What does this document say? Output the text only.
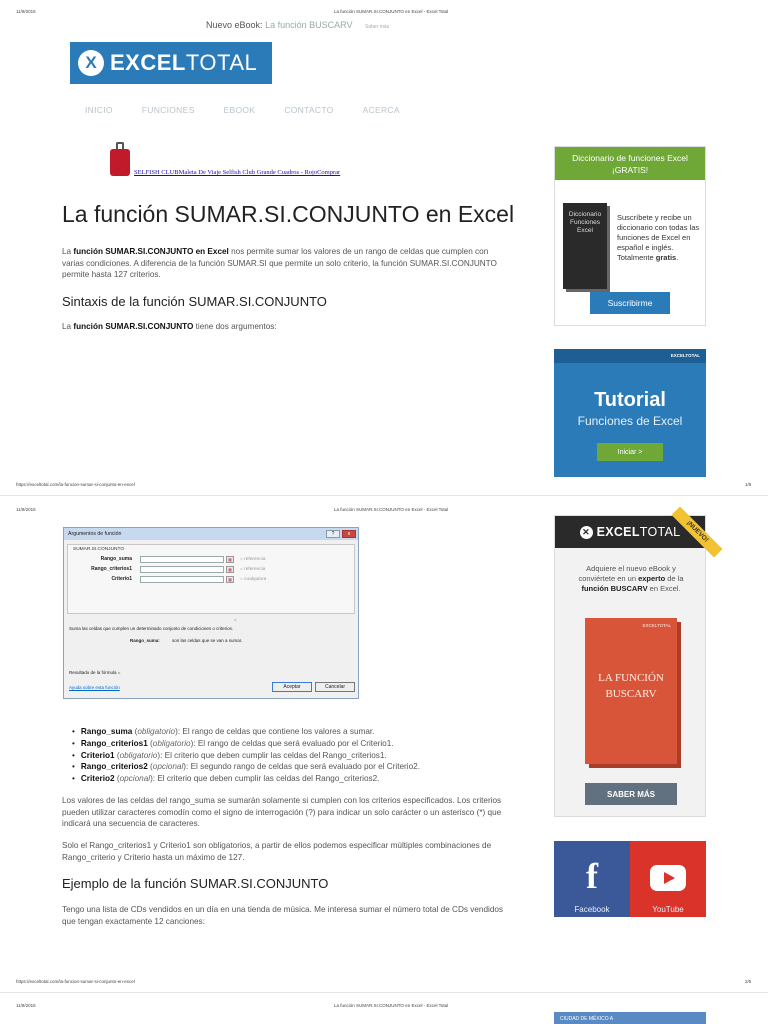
11/9/2015	La función SUMAR.SI.CONJUNTO en Excel - Excel Total
Nuevo eBook: La función BUSCARV	Saber más
X EXCEL TOTAL
INICIO	FUNCIONES	EBOOK	CONTACTO	ACERCA
SELFISH CLUBMaleta De Viaje Selfish Club Grande Cuadros - RojoComprar
La función SUMAR.SI.CONJUNTO en Excel

La función SUMAR.SI.CONJUNTO en Excel nos permite sumar los valores de un rango de celdas que cumplen con varias condiciones. A diferencia de la función SUMAR.SI que permite un solo criterio, la función SUMAR.SI.CONJUNTO permite hasta 127 criterios.

Sintaxis de la función SUMAR.SI.CONJUNTO

La función SUMAR.SI.CONJUNTO tiene dos argumentos:

Diccionario de funciones Excel
¡GRATIS!
Diccionario Funciones Excel
Suscríbete y recibe un diccionario con todas las funciones de Excel en español e inglés. Totalmente gratis.
Suscribirme
EXCELTOTAL
Tutorial
Funciones de Excel
Iniciar >
https://exceltotal.com/la-funcion-sumar-si-conjunto-en-excel	1/5
11/9/2015	La función SUMAR.SI.CONJUNTO en Excel - Excel Total
Argumentos de función	?	x
SUMAR.SI.CONJUNTO
Rango_suma	▦	= referencia
Rango_criterios1	▦	= referencia
Criterio1	▦	= cualquiera
=
Suma las celdas que cumplen un determinado conjunto de condiciones o criterios.
Rango_suma:	son las celdas que se van a sumar.
Resultado de la fórmula =
Ayuda sobre esta función	Aceptar	Cancelar
• Rango_suma (obligatorio): El rango de celdas que contiene los valores a sumar.
• Rango_criterios1 (obligatorio): El rango de celdas que será evaluado por el Criterio1.
• Criterio1 (obligatorio): El criterio que deben cumplir las celdas del Rango_criterios1.
• Rango_criterios2 (opcional): El segundo rango de celdas que será evaluado por el Criterio2.
• Criterio2 (opcional): El criterio que deben cumplir las celdas del Rango_criterios2.

Los valores de las celdas del rango_suma se sumarán solamente si cumplen con los criterios especificados. Los criterios pueden utilizar caracteres comodín como el signo de interrogación (?) para indicar un solo carácter o un asterisco (*) que indicará una secuencia de caracteres.

Solo el Rango_criterios1 y Criterio1 son obligatorios, a partir de ellos podemos especificar múltiples combinaciones de Rango_criterio y Criterio hasta un máximo de 127.

Ejemplo de la función SUMAR.SI.CONJUNTO

Tengo una lista de CDs vendidos en un día en una tienda de música. Me interesa sumar el número total de CDs vendidos que tengan exactamente 12 canciones:

✕ EXCEL TOTAL ¡NUEVO!
Adquiere el nuevo eBook y conviértete en un experto de la función BUSCARV en Excel.
EXCELTOTAL
LA FUNCIÓN BUSCARV
SABER MÁS
f
Facebook	YouTube
https://exceltotal.com/la-funcion-sumar-si-conjunto-en-excel	2/5
11/9/2015	La función SUMAR.SI.CONJUNTO en Excel - Excel Total
CIUDAD DE MÉXICO A
